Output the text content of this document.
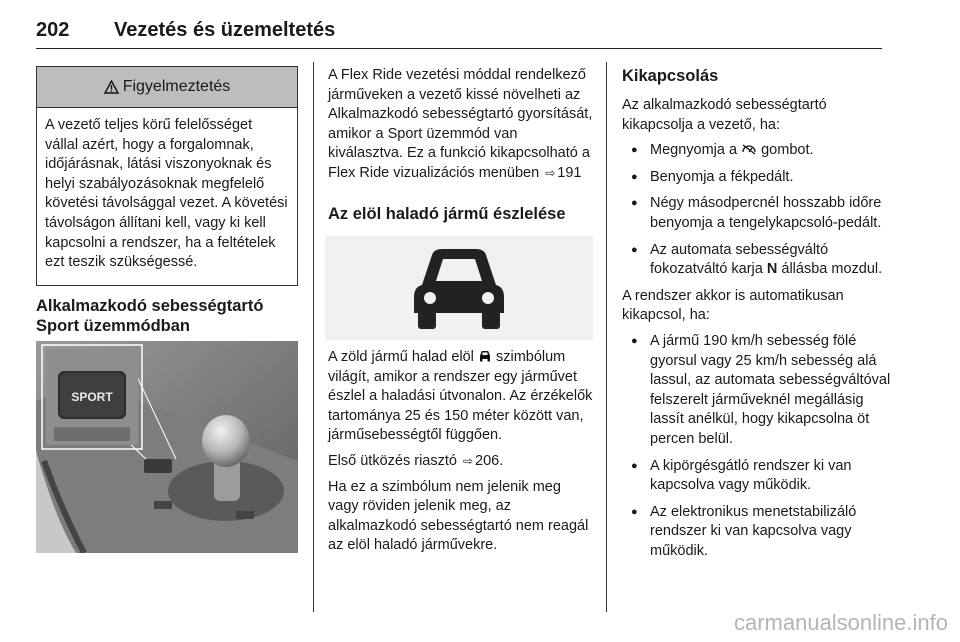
202 Vezetés és üzemeltetés
Figyelmeztetés
A vezető teljes körű felelősséget vállal azért, hogy a forgalomnak, időjárásnak, látási viszonyoknak és helyi szabályozásoknak megfelelő követési távolsággal vezet. A követési távolságon állítani kell, vagy ki kell kapcsolni a rendszer, ha a feltételek ezt teszik szükségessé.
Alkalmazkodó sebességtartó Sport üzemmódban
SPORT

A Flex Ride vezetési móddal rendelkező járműveken a vezető kissé növelheti az Alkalmazkodó sebességtartó gyorsítását, amikor a Sport üzemmód van kiválasztva. Ez a funkció kikapcsolható a Flex Ride vizualizációs menüben ⇨ 191

Az elöl haladó jármű észlelése

A zöld jármű halad elöl szimbólum világít, amikor a rendszer egy járművet észlel a haladási útvonalon. Az érzékelők tartománya 25 és 150 méter között van, járműsebességtől függően.

Első ütközés riasztó ⇨ 206.

Ha ez a szimbólum nem jelenik meg vagy röviden jelenik meg, az alkalmazkodó sebességtartó nem reagál az elöl haladó járművekre.

Kikapcsolás

Az alkalmazkodó sebességtartó kikapcsolja a vezető, ha:

● Megnyomja a gombot.
● Benyomja a fékpedált.
● Négy másodpercnél hosszabb időre benyomja a tengelykapcsoló-pedált.
● Az automata sebességváltó fokozatváltó karja N állásba mozdul.

A rendszer akkor is automatikusan kikapcsol, ha:

● A jármű 190 km/h sebesség fölé gyorsul vagy 25 km/h sebesség alá lassul, az automata sebességváltóval felszerelt járműveknél megállásig lassít anélkül, hogy kikapcsolna öt percen belül.
● A kipörgésgátló rendszer ki van kapcsolva vagy működik.
● Az elektronikus menetstabilizáló rendszer ki van kapcsolva vagy működik.
carmanualsonline.info
